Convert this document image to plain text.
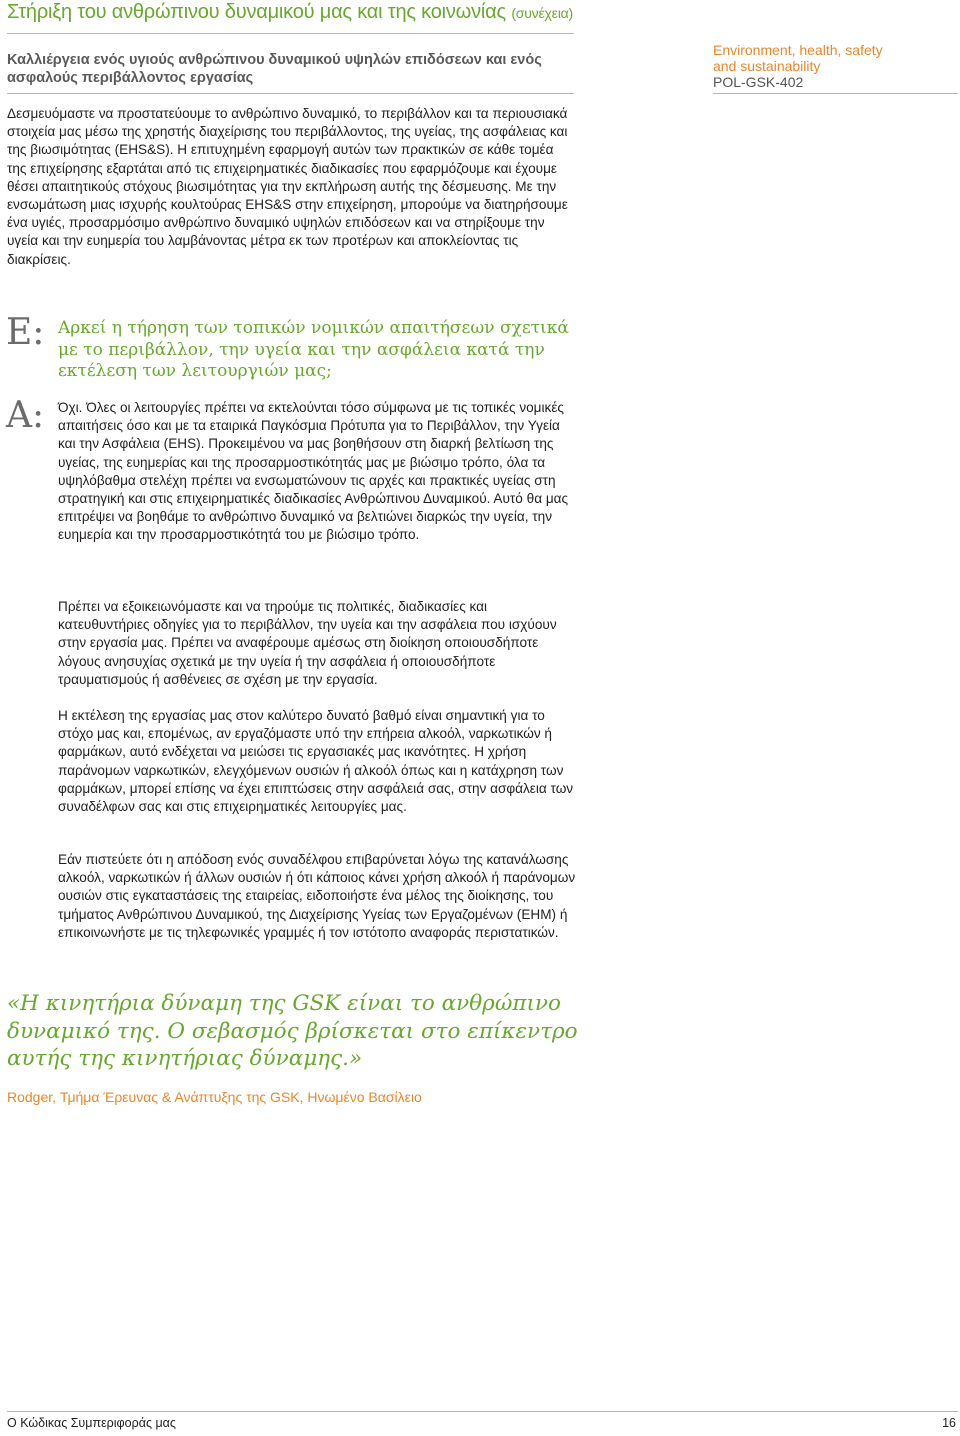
Στήριξη του ανθρώπινου δυναμικού μας και της κοινωνίας (συνέχεια)
Καλλιέργεια ενός υγιούς ανθρώπινου δυναμικού υψηλών επιδόσεων και ενός ασφαλούς περιβάλλοντος εργασίας
Environment, health, safety
and sustainability
POL-GSK-402

Δεσμευόμαστε να προστατεύουμε το ανθρώπινο δυναμικό, το περιβάλλον και τα περιουσιακά στοιχεία μας μέσω της χρηστής διαχείρισης του περιβάλλοντος, της υγείας, της ασφάλειας και της βιωσιμότητας (EHS&S). Η επιτυχημένη εφαρμογή αυτών των πρακτικών σε κάθε τομέα της επιχείρησης εξαρτάται από τις επιχειρηματικές διαδικασίες που εφαρμόζουμε και έχουμε θέσει απαιτητικούς στόχους βιωσιμότητας για την εκπλήρωση αυτής της δέσμευσης. Με την ενσωμάτωση μιας ισχυρής κουλτούρας EHS&S στην επιχείρηση, μπορούμε να διατηρήσουμε ένα υγιές, προσαρμόσιμο ανθρώπινο δυναμικό υψηλών επιδόσεων και να στηρίξουμε την υγεία και την ευημερία του λαμβάνοντας μέτρα εκ των προτέρων και αποκλείοντας τις διακρίσεις.

Ε: Αρκεί η τήρηση των τοπικών νομικών απαιτήσεων σχετικά με το περιβάλλον, την υγεία και την ασφάλεια κατά την εκτέλεση των λειτουργιών μας;

Α: Όχι. Όλες οι λειτουργίες πρέπει να εκτελούνται τόσο σύμφωνα με τις τοπικές νομικές απαιτήσεις όσο και με τα εταιρικά Παγκόσμια Πρότυπα για το Περιβάλλον, την Υγεία και την Ασφάλεια (EHS). Προκειμένου να μας βοηθήσουν στη διαρκή βελτίωση της υγείας, της ευημερίας και της προσαρμοστικότητάς μας με βιώσιμο τρόπο, όλα τα υψηλόβαθμα στελέχη πρέπει να ενσωματώνουν τις αρχές και πρακτικές υγείας στη στρατηγική και στις επιχειρηματικές διαδικασίες Ανθρώπινου Δυναμικού. Αυτό θα μας επιτρέψει να βοηθάμε το ανθρώπινο δυναμικό να βελτιώνει διαρκώς την υγεία, την ευημερία και την προσαρμοστικότητά του με βιώσιμο τρόπο.

Πρέπει να εξοικειωνόμαστε και να τηρούμε τις πολιτικές, διαδικασίες και κατευθυντήριες οδηγίες για το περιβάλλον, την υγεία και την ασφάλεια που ισχύουν στην εργασία μας. Πρέπει να αναφέρουμε αμέσως στη διοίκηση οποιουσδήποτε λόγους ανησυχίας σχετικά με την υγεία ή την ασφάλεια ή οποιουσδήποτε τραυματισμούς ή ασθένειες σε σχέση με την εργασία.

Η εκτέλεση της εργασίας μας στον καλύτερο δυνατό βαθμό είναι σημαντική για το στόχο μας και, επομένως, αν εργαζόμαστε υπό την επήρεια αλκοόλ, ναρκωτικών ή φαρμάκων, αυτό ενδέχεται να μειώσει τις εργασιακές μας ικανότητες. Η χρήση παράνομων ναρκωτικών, ελεγχόμενων ουσιών ή αλκοόλ όπως και η κατάχρηση των φαρμάκων, μπορεί επίσης να έχει επιπτώσεις στην ασφάλειά σας, στην ασφάλεια των συναδέλφων σας και στις επιχειρηματικές λειτουργίες μας.

Εάν πιστεύετε ότι η απόδοση ενός συναδέλφου επιβαρύνεται λόγω της κατανάλωσης αλκοόλ, ναρκωτικών ή άλλων ουσιών ή ότι κάποιος κάνει χρήση αλκοόλ ή παράνομων ουσιών στις εγκαταστάσεις της εταιρείας, ειδοποιήστε ένα μέλος της διοίκησης, του τμήματος Ανθρώπινου Δυναμικού, της Διαχείρισης Υγείας των Εργαζομένων (EHM) ή επικοινωνήστε με τις τηλεφωνικές γραμμές ή τον ιστότοπο αναφοράς περιστατικών.

«Η κινητήρια δύναμη της GSK είναι το ανθρώπινο δυναμικό της. Ο σεβασμός βρίσκεται στο επίκεντρο αυτής της κινητήριας δύναμης.»

Rodger, Τμήμα Έρευνας & Ανάπτυξης της GSK, Ηνωμένο Βασίλειο
Ο Κώδικας Συμπεριφοράς μας	16
